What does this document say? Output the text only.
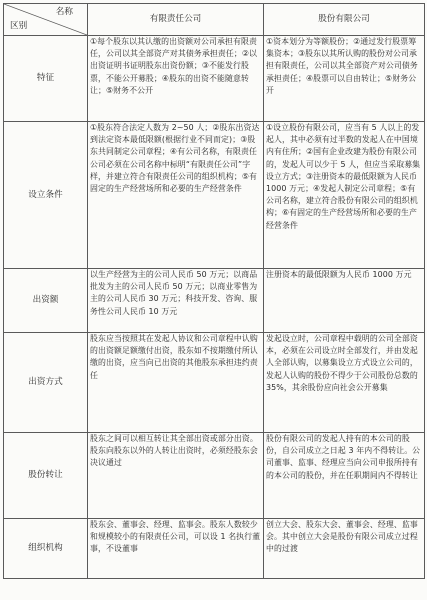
名称
区别	有限责任公司	股份有限公司
特征	①每个股东以其认缴的出资额对公司承担有限责任，公司以其全部资产对其债务承担责任；②以出资证明书证明股东出资份额；③不能发行股票，不能公开募股；④股东的出资不能随意转让；⑤财务不公开	①资本划分为等额股份；②通过发行股票筹集资本；③股东以其所认购的股份对公司承担有限责任，公司以其全部资产对公司债务承担责任；④股票可以自由转让；⑤财务公开

设立条件	①股东符合法定人数为 2~50 人；②股东出资达到法定资本最低限额(根据行业不同而定)；③股东共同制定公司章程；④有公司名称，有限责任公司必须在公司名称中标明“有限责任公司”字样，并建立符合有限责任公司的组织机构；⑤有固定的生产经营场所和必要的生产经营条件	①设立股份有限公司，应当有 5 人以上的发起人，其中必须有过半数的发起人在中国境内有住所；②国有企业改建为股份有限公司的，发起人可以少于 5 人，但应当采取募集设立方式；③注册资本的最低限额为人民币 1000 万元；④发起人制定公司章程；⑤有公司名称，建立符合股份有限公司的组织机构；⑥有固定的生产经营场所和必要的生产经营条件

出资额	以生产经营为主的公司人民币 50 万元；以商品批发为主的公司人民币 50 万元；以商业零售为主的公司人民币 30 万元；科技开发、咨询、服务性公司人民币 10 万元	注册资本的最低限额为人民币 1000 万元

出资方式	股东应当按照其在发起人协议和公司章程中认购的出资额足额缴付出资，股东如不按期缴付所认缴的出资，应当向已出资的其他股东承担违约责任	发起设立时，公司章程中载明的公司全部资本，必须在公司设立时全部发行，并由发起人全部认购，以募集设立方式设立公司的，发起人认购的股份不得少于公司股份总数的 35%，其余股份应向社会公开募集

股份转让	股东之间可以相互转让其全部出资或部分出资。股东向股东以外的人转让出资时，必须经股东会决议通过	股份有限公司的发起人持有的本公司的股份，自公司成立之日起 3 年内不得转让。公司董事、监事、经理应当向公司申报所持有的本公司的股份，并在任职期间内不得转让

组织机构	股东会、董事会、经理、监事会。股东人数较少和规模较小的有限责任公司，可以设 1 名执行董事，不设董事	创立大会、股东大会、董事会、经理、监事会。其中创立大会是股份有限公司成立过程中的过渡
